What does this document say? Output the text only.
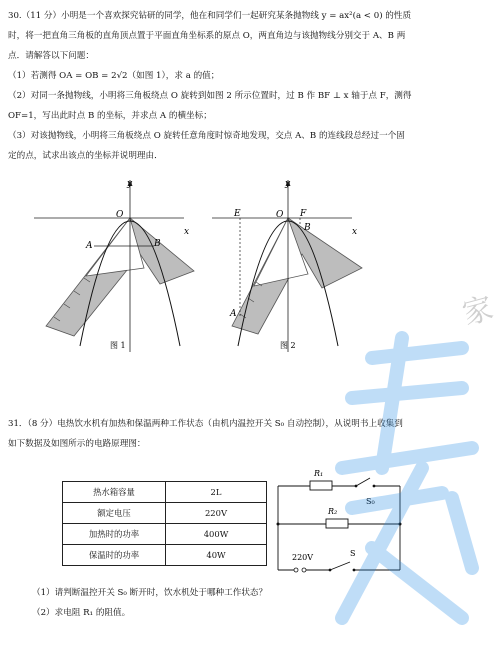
30.（11 分）小明是一个喜欢探究钻研的同学，他在和同学们一起研究某条抛物线 y = ax²(a < 0) 的性质
时，将一把直角三角板的直角顶点置于平面直角坐标系的原点 O，两直角边与该抛物线分别交于 A、B 两
点．请解答以下问题：
（1）若测得 OA = OB = 2√2（如图 1），求 a 的值；
（2）对同一条抛物线，小明将三角板绕点 O 旋转到如图 2 所示位置时，过 B 作 BF ⊥ x 轴于点 F，测得
OF=1，写出此时点 B 的坐标，并求点 A 的横坐标；
（3）对该抛物线，小明将三角板绕点 O 旋转任意角度时惊奇地发现，交点 A、B 的连线段总经过一个固
定的点，试求出该点的坐标并说明理由．
y
x
O
A	B
图 1
y
x
E	O F
B
A
图 2
31．（8 分）电热饮水机有加热和保温两种工作状态（由机内温控开关 S₀ 自动控制），从说明书上收集到
如下数据及如图所示的电路原理图：
热水箱容量	2L
额定电压	220V
加热时的功率	400W
保温时的功率	40W
R₁
R₂
S₀
S
220V
（1）请判断温控开关 S₀ 断开时，饮水机处于哪种工作状态？
（2）求电阻 R₁ 的阻值。
家
